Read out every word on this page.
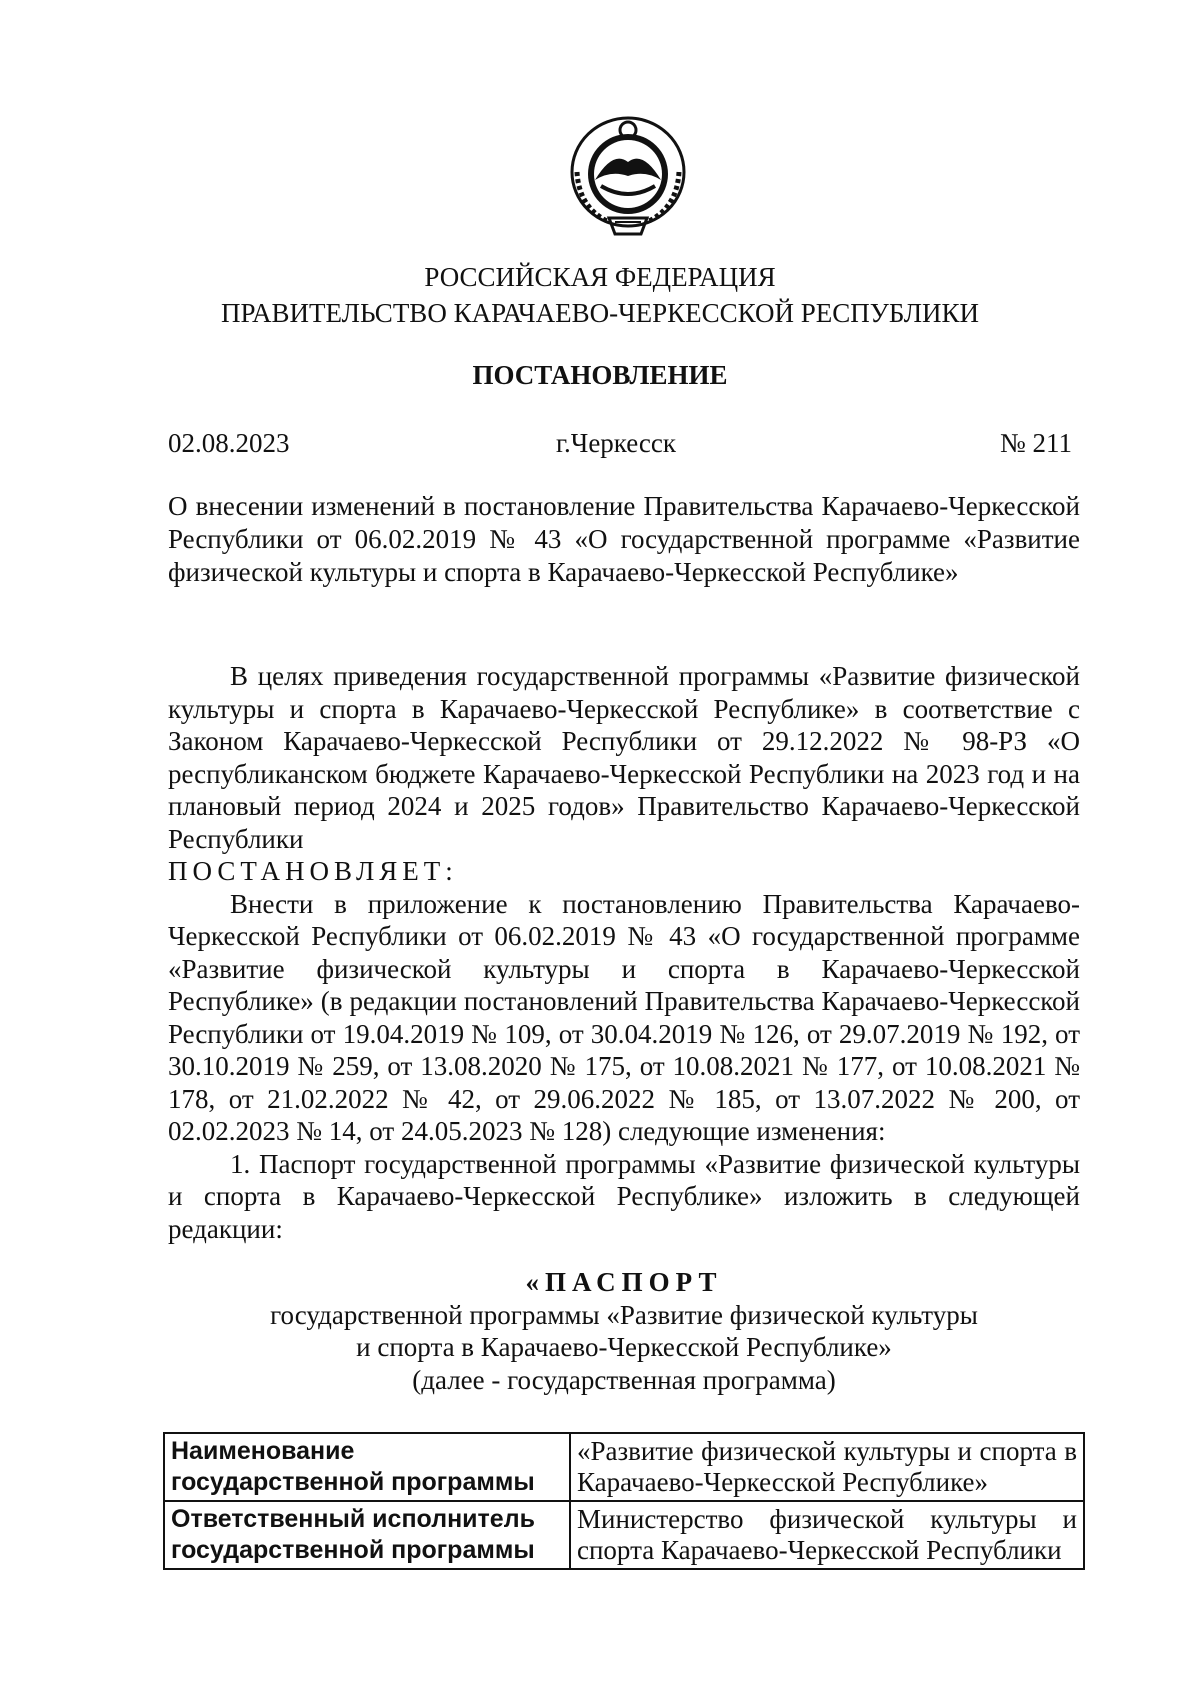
РОССИЙСКАЯ ФЕДЕРАЦИЯ
ПРАВИТЕЛЬСТВО КАРАЧАЕВО-ЧЕРКЕССКОЙ РЕСПУБЛИКИ
ПОСТАНОВЛЕНИЕ
02.08.2023	г.Черкесск	№ 211
О внесении изменений в постановление Правительства Карачаево-Черкесской Республики от 06.02.2019 № 43 «О государственной программе «Развитие физической культуры и спорта в Карачаево-Черкесской Республике»

В целях приведения государственной программы «Развитие физической культуры и спорта в Карачаево-Черкесской Республике» в соответствие с Законом Карачаево-Черкесской Республики от 29.12.2022 № 98-РЗ «О республиканском бюджете Карачаево-Черкесской Республики на 2023 год и на плановый период 2024 и 2025 годов» Правительство Карачаево-Черкесской Республики

ПОСТАНОВЛЯЕТ:

Внести в приложение к постановлению Правительства Карачаево-Черкесской Республики от 06.02.2019 № 43 «О государственной программе «Развитие физической культуры и спорта в Карачаево-Черкесской Республике» (в редакции постановлений Правительства Карачаево-Черкесской Республики от 19.04.2019 № 109, от 30.04.2019 № 126, от 29.07.2019 № 192, от 30.10.2019 № 259, от 13.08.2020 № 175, от 10.08.2021 № 177, от 10.08.2021 № 178, от 21.02.2022 № 42, от 29.06.2022 № 185, от 13.07.2022 № 200, от 02.02.2023 № 14, от 24.05.2023 № 128) следующие изменения:

1. Паспорт государственной программы «Развитие физической культуры и спорта в Карачаево-Черкесской Республике» изложить в следующей редакции:

«ПАСПОРТ
государственной программы «Развитие физической культуры
и спорта в Карачаево-Черкесской Республике»
(далее - государственная программа)
Наименование государственной программы	«Развитие физической культуры и спорта в Карачаево-Черкесской Республике»
Ответственный исполнитель государственной программы	Министерство физической культуры и спорта Карачаево-Черкесской Республики
